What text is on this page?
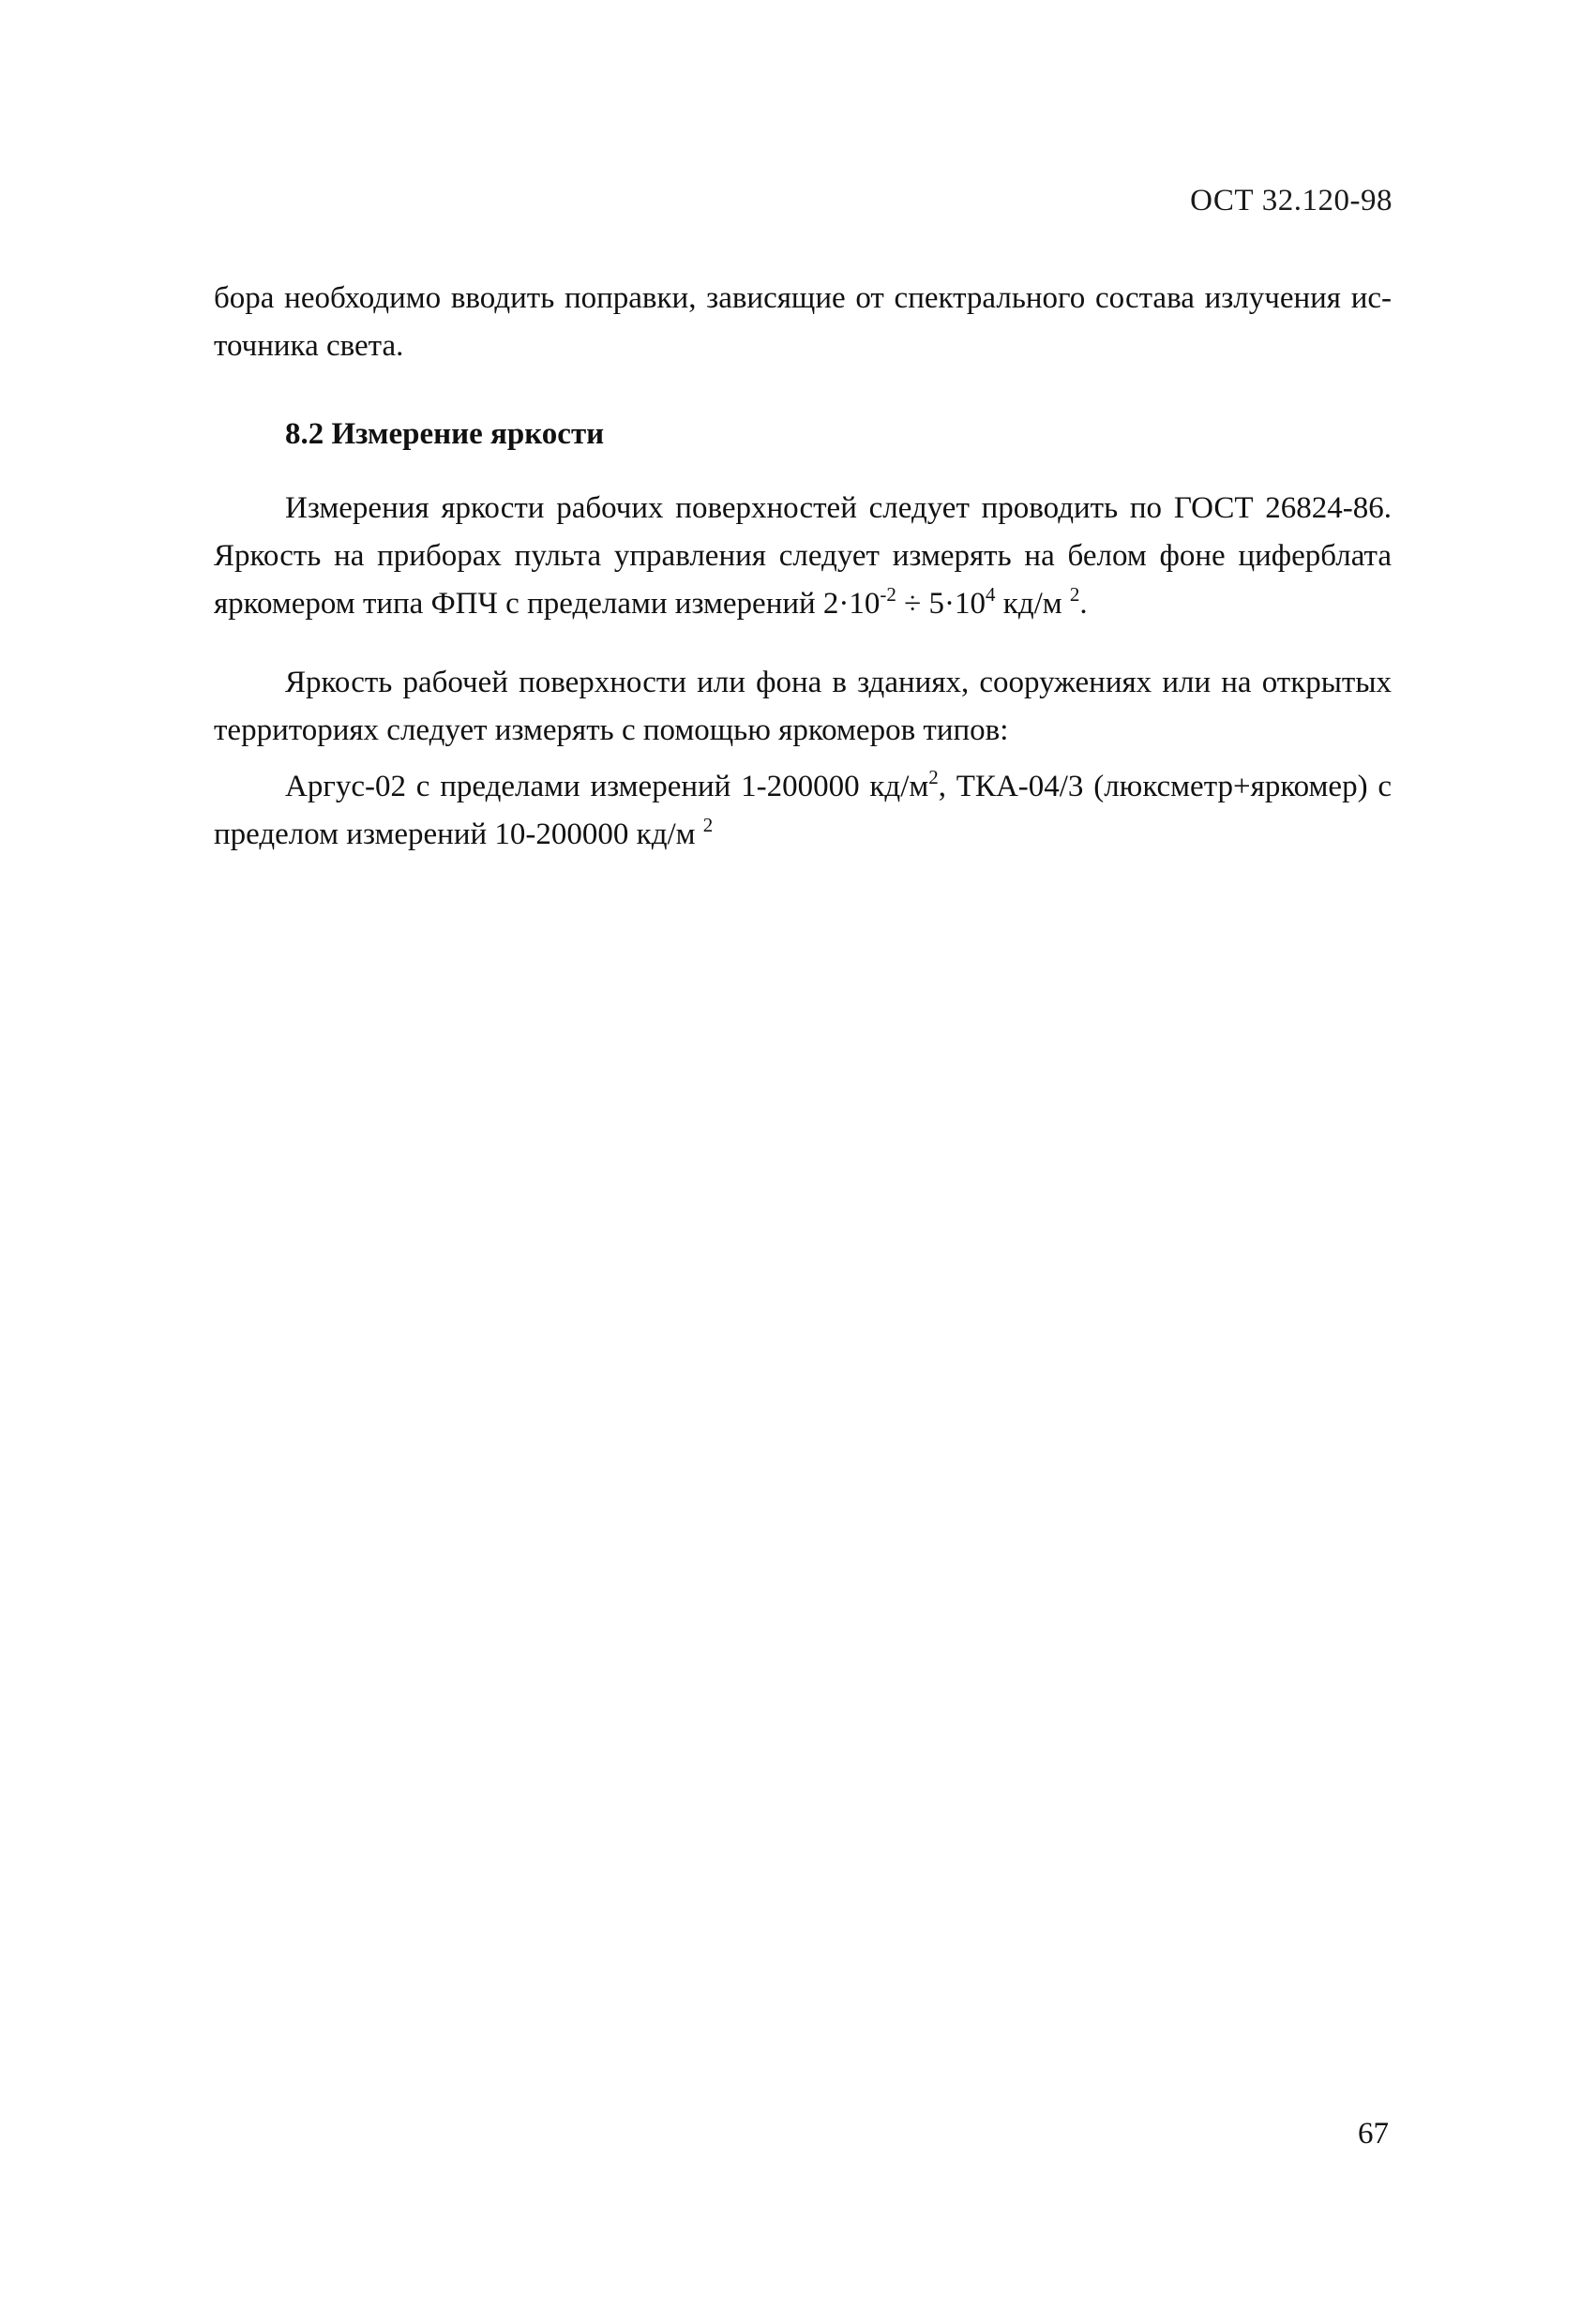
ОСТ 32.120-98
бора необходимо вводить поправки, зависящие от спектрального состава излучения ис-
точника света.
8.2 Измерение яркости
Измерения яркости рабочих поверхностей следует проводить по ГОСТ 26824-86.
Яркость на приборах пульта управления следует измерять на белом фоне циферблата
яркомером типа ФПЧ с пределами измерений $2\cdot 10^{-2} \div 5\cdot 10^4$ кд/м $^2$.
Яркость рабочей поверхности или фона в зданиях, сооружениях или на открытых
территориях следует измерять с помощью яркомеров типов:
Аргус-02 с пределами измерений 1-200000 $кд/м^2$, ТКА-04/3 (люксметр+яркомер) с
пределом измерений 10-200000 кд/м $^2$
67
